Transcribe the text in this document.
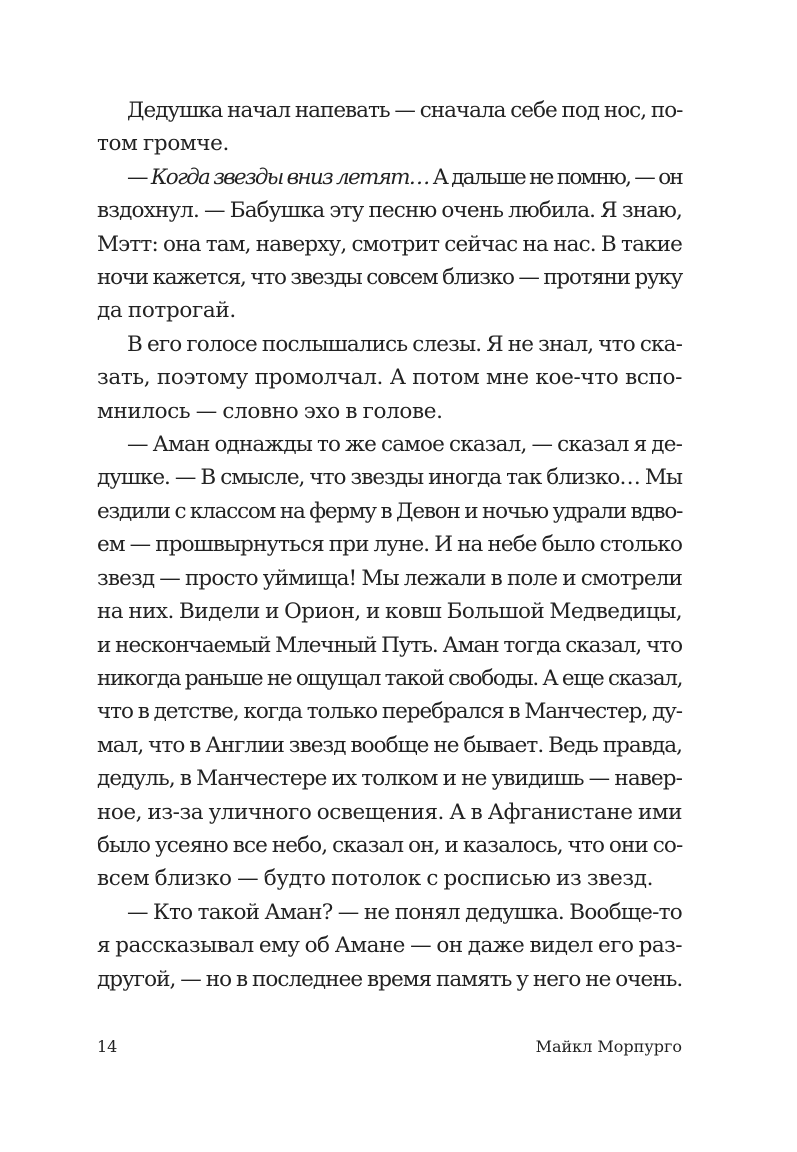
Дедушка начал напевать — сначала себе под нос, по-
том громче.
— Когда звезды вниз летят… А дальше не помню, — он
вздохнул. — Бабушка эту песню очень любила. Я знаю,
Мэтт: она там, наверху, смотрит сейчас на нас. В такие
ночи кажется, что звезды совсем близко — протяни руку
да потрогай.
В его голосе послышались слезы. Я не знал, что ска-
зать, поэтому промолчал. А потом мне кое-что вспо-
мнилось — словно эхо в голове.
— Аман однажды то же самое сказал, — сказал я де-
душке. — В смысле, что звезды иногда так близко… Мы
ездили с классом на ферму в Девон и ночью удрали вдво-
ем — прошвырнуться при луне. И на небе было столько
звезд — просто уймища! Мы лежали в поле и смотрели
на них. Видели и Орион, и ковш Большой Медведицы,
и нескончаемый Млечный Путь. Аман тогда сказал, что
никогда раньше не ощущал такой свободы. А еще сказал,
что в детстве, когда только перебрался в Манчестер, ду-
мал, что в Англии звезд вообще не бывает. Ведь правда,
дедуль, в Манчестере их толком и не увидишь — навер-
ное, из-за уличного освещения. А в Афганистане ими
было усеяно все небо, сказал он, и казалось, что они со-
всем близко — будто потолок с росписью из звезд.
— Кто такой Аман? — не понял дедушка. Вообще-то
я рассказывал ему об Амане — он даже видел его раз-
другой, — но в последнее время память у него не очень.
14	Майкл Морпурго
